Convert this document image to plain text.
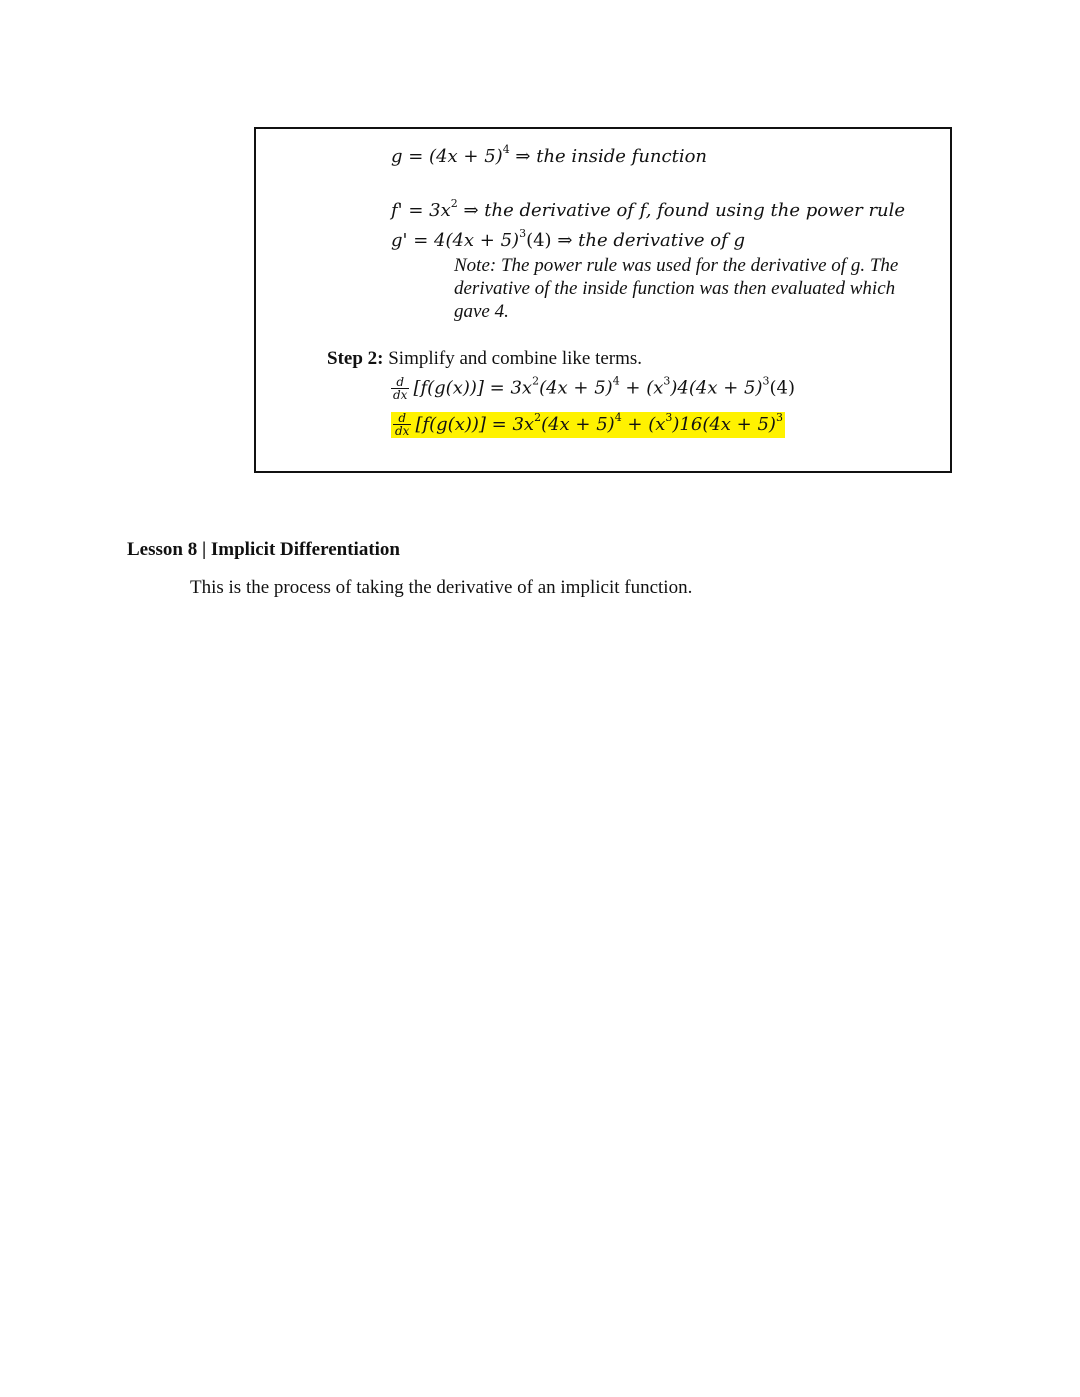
$g = (4x + 5)^4$ ⇒ the inside function
$f' = 3x^2$ ⇒ the derivative of f, found using the power rule
$g' = 4(4x + 5)^3(4)$ ⇒ the derivative of g
Note: The power rule was used for the derivative of g. The derivative of the inside function was then evaluated which gave 4.
Step 2: Simplify and combine like terms.
$\frac{d}{dx} [f(g(x))] = 3x^2(4x + 5)^4 + (x^3)4(4x + 5)^3(4)$
$\frac{d}{dx} [f(g(x))] = 3x^2(4x + 5)^4 + (x^3)16(4x + 5)^3$
Lesson 8 | Implicit Differentiation
This is the process of taking the derivative of an implicit function.
